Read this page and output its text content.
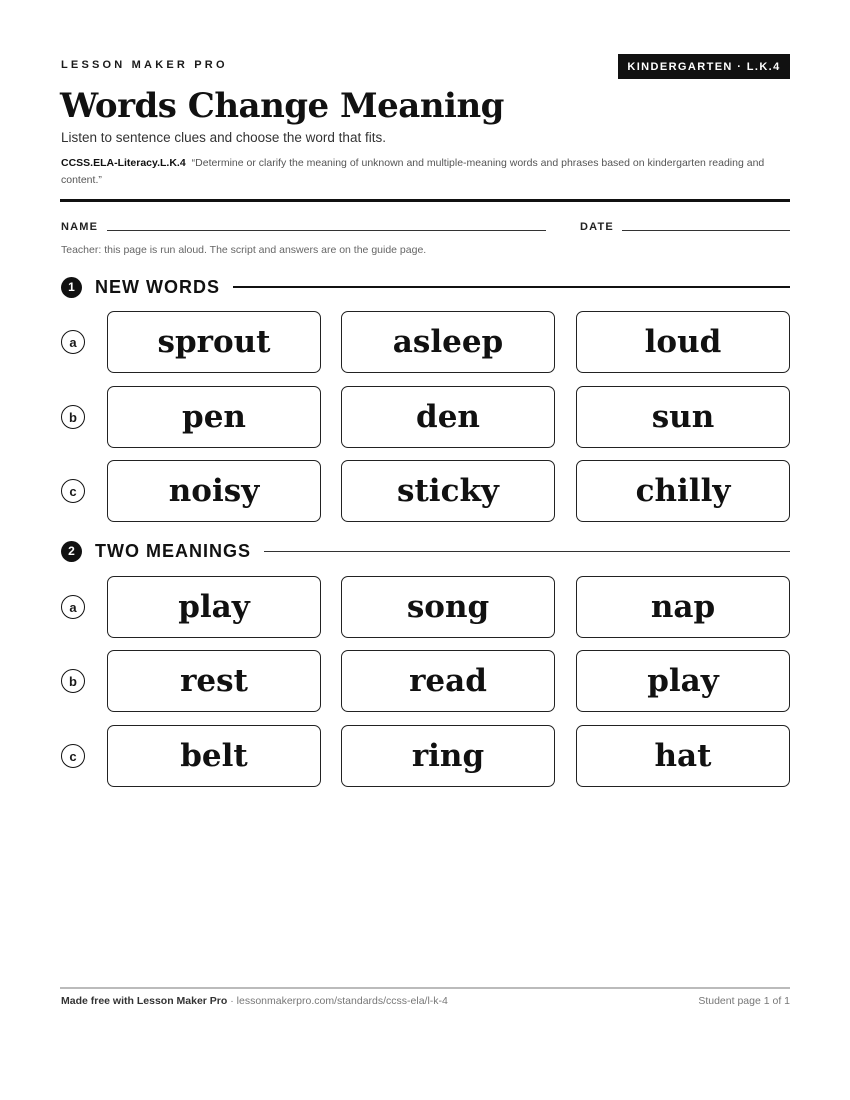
LESSON MAKER PRO	KINDERGARTEN · L.K.4
Words Change Meaning
Listen to sentence clues and choose the word that fits.
CCSS.ELA-Literacy.L.K.4 “Determine or clarify the meaning of unknown and multiple-meaning words and phrases based on kindergarten reading and content.”
NAME	DATE
Teacher: this page is run aloud. The script and answers are on the guide page.
1	NEW WORDS
a	sprout	asleep	loud
b	pen	den	sun
c	noisy	sticky	chilly
2	TWO MEANINGS
a	play	song	nap
b	rest	read	play
c	belt	ring	hat
Made free with Lesson Maker Pro · lessonmakerpro.com/standards/ccss-ela/l-k-4	Student page 1 of 1
